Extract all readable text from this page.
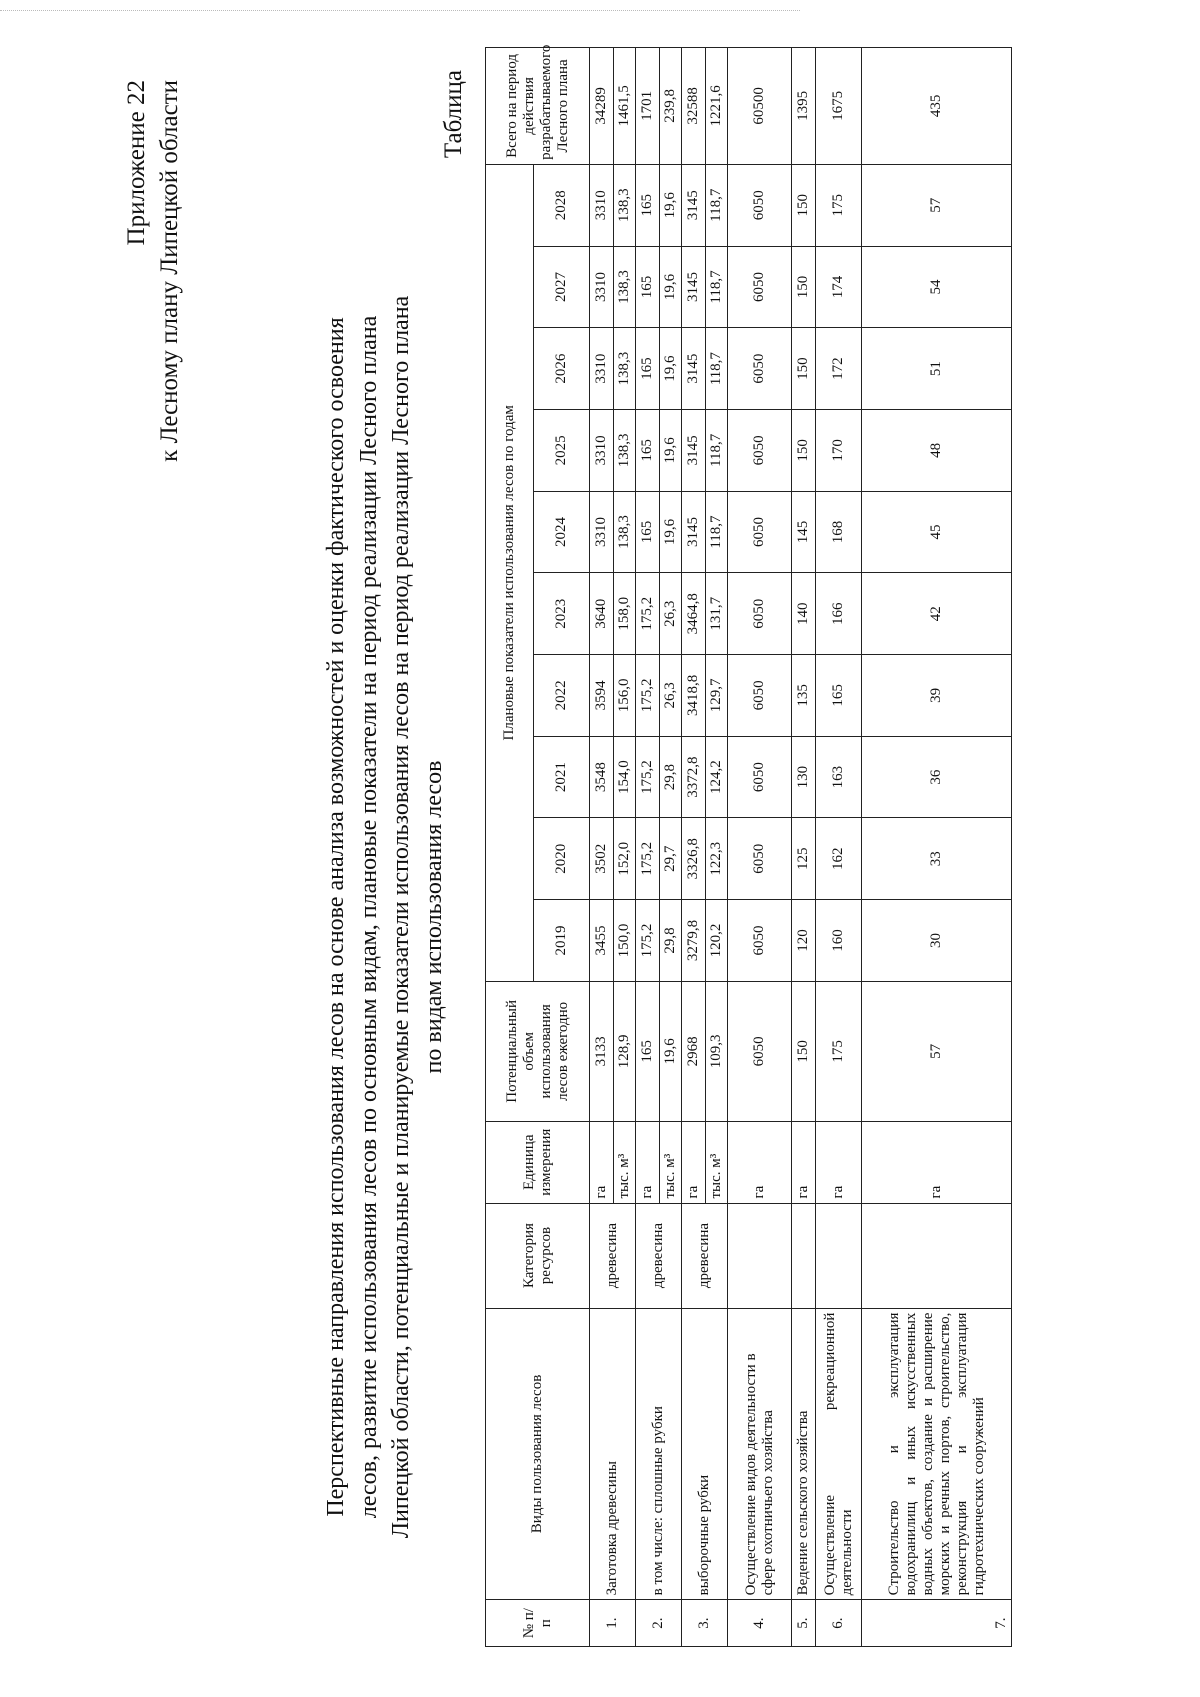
Приложение 22 к Лесному плану Липецкой области
Перспективные направления использования лесов на основе анализа возможностей и оценки фактического освоения лесов, развитие использования лесов по основным видам, плановые показатели на период реализации Лесного плана Липецкой области, потенциальные и планируемые показатели использования лесов на период реализации Лесного плана по видам использования лесов
Таблица
№ п/п	Виды пользования лесов	Категория ресурсов	Единица измерения	Потенциальный объем использования лесов ежегодно	Плановые показатели использования лесов по годам										Всего на период действия разрабатываемого Лесного плана
					2019	2020	2021	2022	2023	2024	2025	2026	2027	2028	
1.	Заготовка древесины	древесина	га	3133	3455	3502	3548	3594	3640	3310	3310	3310	3310	3310	34289
			тыс. м³	128,9	150,0	152,0	154,0	156,0	158,0	138,3	138,3	138,3	138,3	138,3	1461,5
2.	в том числе: сплошные рубки	древесина	га	165	175,2	175,2	175,2	175,2	175,2	165	165	165	165	165	1701
			тыс. м³	19,6	29,8	29,7	29,8	26,3	26,3	19,6	19,6	19,6	19,6	19,6	239,8
3.	выборочные рубки	древесина	га	2968	3279,8	3326,8	3372,8	3418,8	3464,8	3145	3145	3145	3145	3145	32588
			тыс. м³	109,3	120,2	122,3	124,2	129,7	131,7	118,7	118,7	118,7	118,7	118,7	1221,6
4.	Осуществление видов деятельности в сфере охотничьего хозяйства		га	6050	6050	6050	6050	6050	6050	6050	6050	6050	6050	6050	60500
5.	Ведение сельского хозяйства		га	150	120	125	130	135	140	145	150	150	150	150	1395
6.	Осуществление рекреационной деятельности		га	175	160	162	163	165	166	168	170	172	174	175	1675
7.	Строительство и эксплуатация водохранилищ и иных искусственных водных объектов, создание и расширение морских и речных портов, строительство, реконструкция и эксплуатация гидротехнических сооружений		га	57	30	33	36	39	42	45	48	51	54	57	435
